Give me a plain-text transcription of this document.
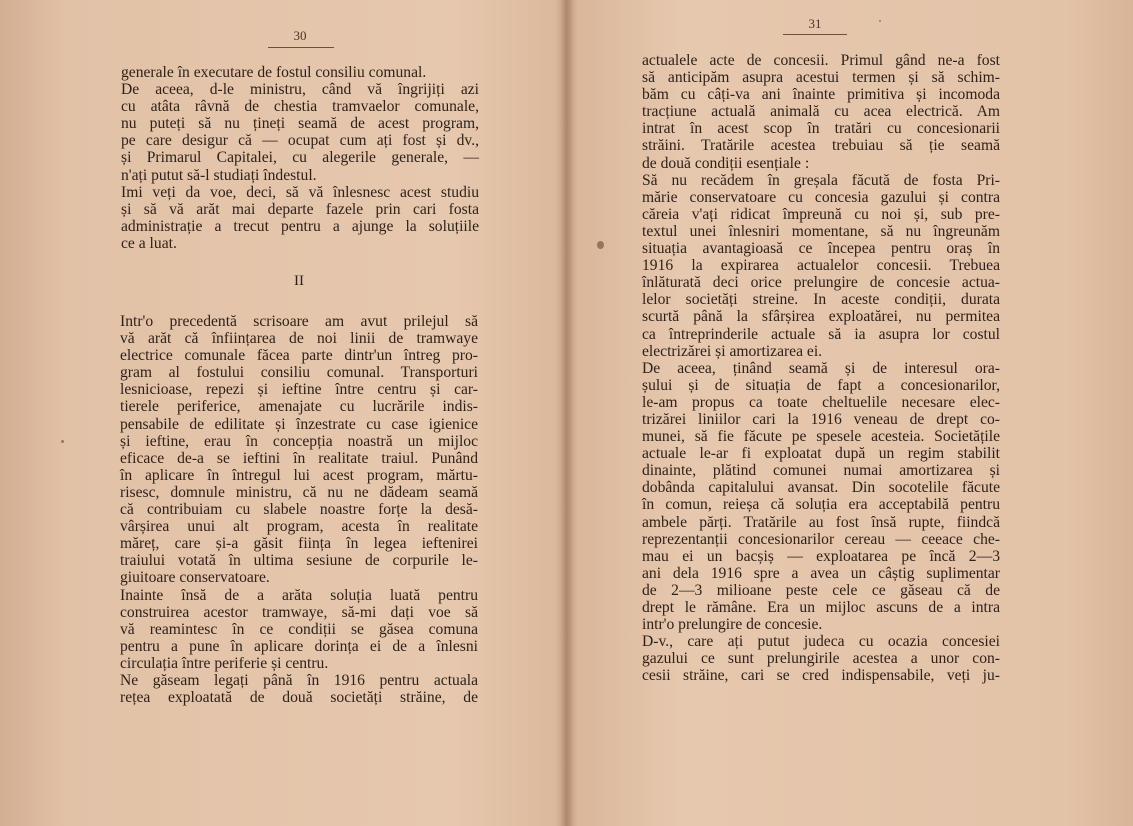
30
generale în executare de fostul consiliu comunal.
De aceea, d-le ministru, când vă îngrijiți azi
cu atâta râvnă de chestia tramvaelor comunale,
nu puteți să nu țineți seamă de acest program,
pe care desigur că — ocupat cum ați fost și dv.,
și Primarul Capitalei, cu alegerile generale, —
n'ați putut să-l studiați îndestul.
Imi veți da voe, deci, să vă înlesnesc acest studiu
și să vă arăt mai departe fazele prin cari fosta
administrație a trecut pentru a ajunge la soluțiile
ce a luat.
II
Intr'o precedentă scrisoare am avut prilejul să
vă arăt că înființarea de noi linii de tramwaye
electrice comunale făcea parte dintr'un întreg pro-
gram al fostului consiliu comunal. Transporturi
lesnicioase, repezi și ieftine între centru și car-
tierele periferice, amenajate cu lucrările indis-
pensabile de edilitate și înzestrate cu case igienice
și ieftine, erau în concepția noastră un mijloc
eficace de-a se ieftini în realitate traiul. Punând
în aplicare în întregul lui acest program, mărtu-
risesc, domnule ministru, că nu ne dădeam seamă
că contribuiam cu slabele noastre forțe la desă-
vârșirea unui alt program, acesta în realitate
măreț, care și-a găsit ființa în legea ieftenirei
traiului votată în ultima sesiune de corpurile le-
giuitoare conservatoare.
Inainte însă de a arăta soluția luată pentru
construirea acestor tramwaye, să-mi dați voe să
vă reamintesc în ce condiții se găsea comuna
pentru a pune în aplicare dorința ei de a înlesni
circulația între periferie și centru.
Ne găseam legați până în 1916 pentru actuala
rețea exploatată de două societăți străine, de
31
actualele acte de concesii. Primul gând ne-a fost
să anticipăm asupra acestui termen și să schim-
băm cu câți-va ani înainte primitiva și incomoda
tracțiune actuală animală cu acea electrică. Am
intrat în acest scop în tratări cu concesionarii
străini. Tratările acestea trebuiau să ție seamă
de două condiții esențiale :
Să nu recădem în greșala făcută de fosta Pri-
mărie conservatoare cu concesia gazului și contra
căreia v'ați ridicat împreună cu noi și, sub pre-
textul unei înlesniri momentane, să nu îngreunăm
situația avantagioasă ce începea pentru oraș în
1916 la expirarea actualelor concesii. Trebuea
înlăturată deci orice prelungire de concesie actua-
lelor societăți streine. In aceste condiții, durata
scurtă până la sfârșirea exploatărei, nu permitea
ca întreprinderile actuale să ia asupra lor costul
electrizărei și amortizarea ei.
De aceea, ținând seamă și de interesul ora-
șului și de situația de fapt a concesionarilor,
le-am propus ca toate cheltuelile necesare elec-
trizărei liniilor cari la 1916 veneau de drept co-
munei, să fie făcute pe spesele acesteia. Societățile
actuale le-ar fi exploatat după un regim stabilit
dinainte, plătind comunei numai amortizarea și
dobânda capitalului avansat. Din socotelile făcute
în comun, reieșa că soluția era acceptabilă pentru
ambele părți. Tratările au fost însă rupte, fiindcă
reprezentanții concesionarilor cereau — ceeace che-
mau ei un bacșiș — exploatarea pe încă 2—3
ani dela 1916 spre a avea un câștig suplimentar
de 2—3 milioane peste cele ce găseau că de
drept le rămâne. Era un mijloc ascuns de a intra
intr'o prelungire de concesie.
D-v., care ați putut judeca cu ocazia concesiei
gazului ce sunt prelungirile acestea a unor con-
cesii străine, cari se cred indispensabile, veți ju-
